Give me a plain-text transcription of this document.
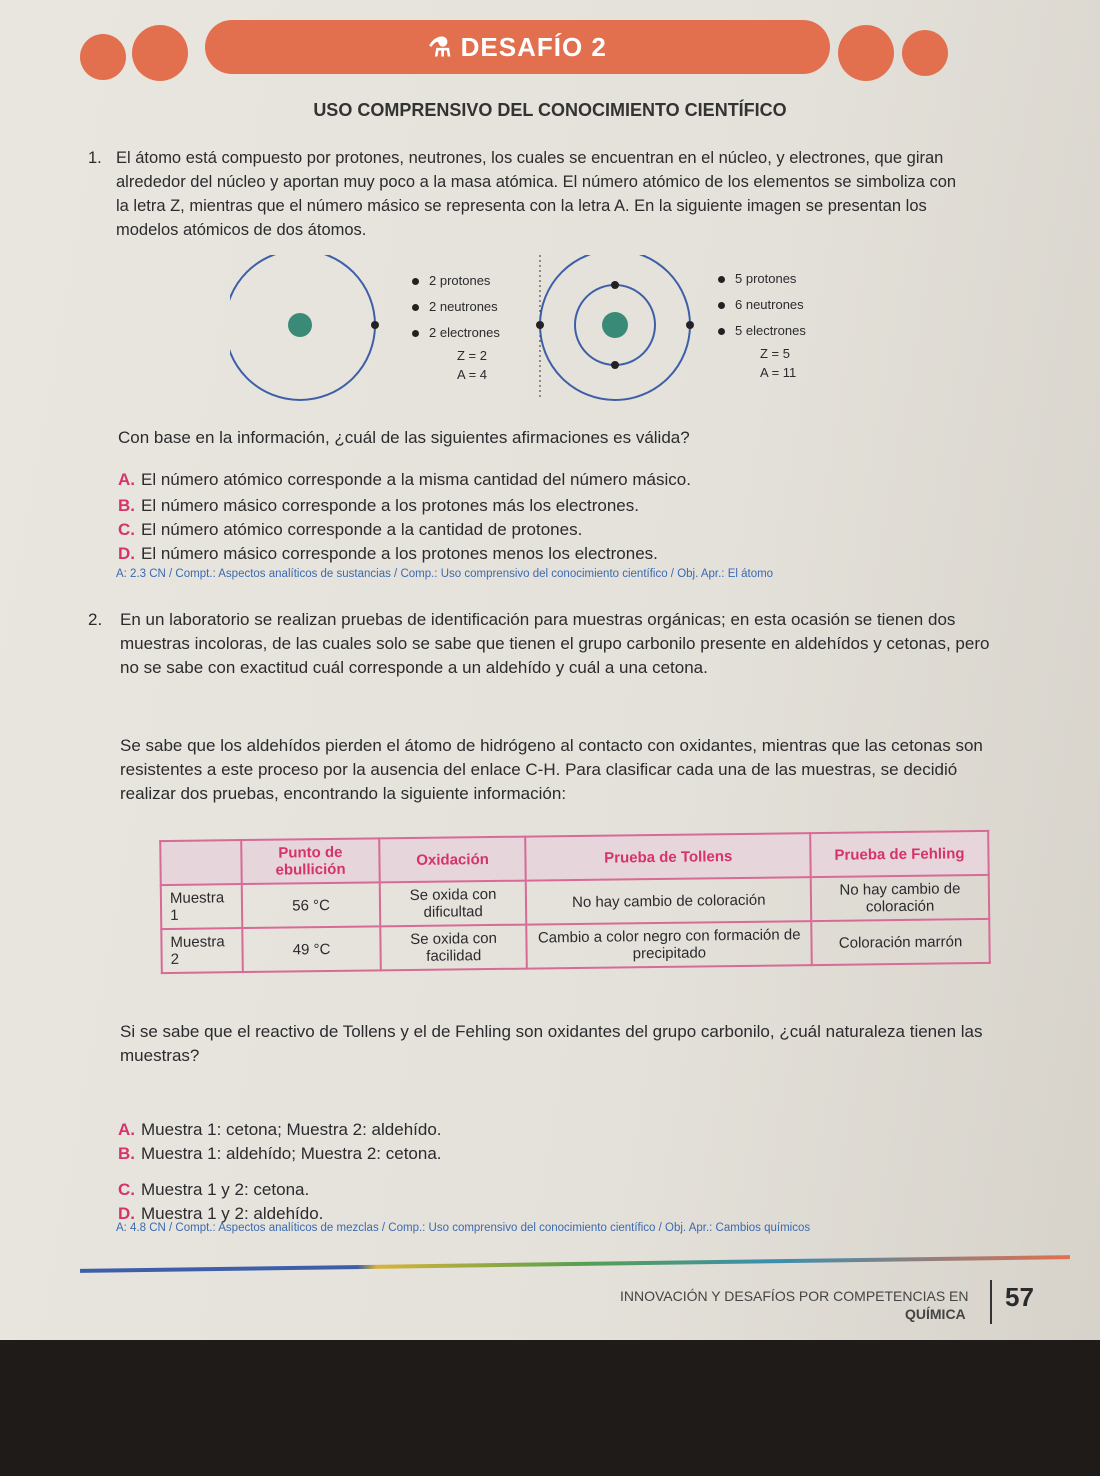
⚗ DESAFÍO 2
USO COMPRENSIVO DEL CONOCIMIENTO CIENTÍFICO
1. El átomo está compuesto por protones, neutrones, los cuales se encuentran en el núcleo, y electrones, que giran alrededor del núcleo y aportan muy poco a la masa atómica. El número atómico de los elementos se simboliza con la letra Z, mientras que el número másico se representa con la letra A. En la siguiente imagen se presentan los modelos atómicos de dos átomos.
2 protones
2 neutrones
2 electrones
Z = 2
A = 4
5 protones
6 neutrones
5 electrones
Z = 5
A = 11
Con base en la información, ¿cuál de las siguientes afirmaciones es válida?
A. El número atómico corresponde a la misma cantidad del número másico.
B. El número másico corresponde a los protones más los electrones.
C. El número atómico corresponde a la cantidad de protones.
D. El número másico corresponde a los protones menos los electrones.
A: 2.3 CN / Compt.: Aspectos analíticos de sustancias / Comp.: Uso comprensivo del conocimiento científico / Obj. Apr.: El átomo
2. En un laboratorio se realizan pruebas de identificación para muestras orgánicas; en esta ocasión se tienen dos muestras incoloras, de las cuales solo se sabe que tienen el grupo carbonilo presente en aldehídos y cetonas, pero no se sabe con exactitud cuál corresponde a un aldehído y cuál a una cetona.
Se sabe que los aldehídos pierden el átomo de hidrógeno al contacto con oxidantes, mientras que las cetonas son resistentes a este proceso por la ausencia del enlace C-H. Para clasificar cada una de las muestras, se decidió realizar dos pruebas, encontrando la siguiente información:
	Punto de ebullición	Oxidación	Prueba de Tollens	Prueba de Fehling
Muestra 1	56 °C	Se oxida con dificultad	No hay cambio de coloración	No hay cambio de coloración
Muestra 2	49 °C	Se oxida con facilidad	Cambio a color negro con formación de precipitado	Coloración marrón
Si se sabe que el reactivo de Tollens y el de Fehling son oxidantes del grupo carbonilo, ¿cuál naturaleza tienen las muestras?
A. Muestra 1: cetona; Muestra 2: aldehído.
B. Muestra 1: aldehído; Muestra 2: cetona.
C. Muestra 1 y 2: cetona.
D. Muestra 1 y 2: aldehído.
A: 4.8 CN / Compt.: Aspectos analíticos de mezclas / Comp.: Uso comprensivo del conocimiento científico / Obj. Apr.: Cambios químicos
INNOVACIÓN Y DESAFÍOS POR COMPETENCIAS EN
QUÍMICA
57
